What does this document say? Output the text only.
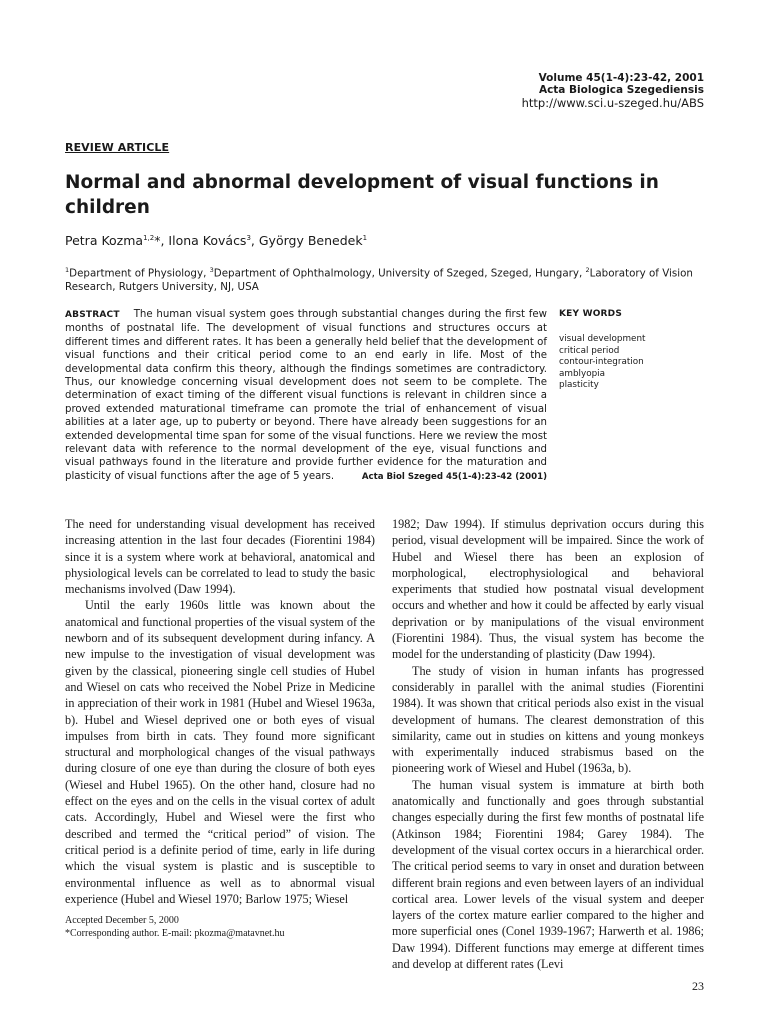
Volume 45(1-4):23-42, 2001
Acta Biologica Szegediensis
http://www.sci.u-szeged.hu/ABS
REVIEW ARTICLE
Normal and abnormal development of visual functions in children
Petra Kozma$^{1,2}$*, Ilona Kovács$^3$, György Benedek$^1$
$^1$Department of Physiology, $^3$Department of Ophthalmology, University of Szeged, Szeged, Hungary, $^2$Laboratory of Vision Research, Rutgers University, NJ, USA
ABSTRACT The human visual system goes through substantial changes during the first few months of postnatal life. The development of visual functions and structures occurs at different times and different rates. It has been a generally held belief that the development of visual functions and their critical period come to an end early in life. Most of the developmental data confirm this theory, although the findings sometimes are contradictory. Thus, our knowledge concerning visual development does not seem to be complete. The determination of exact timing of the different visual functions is relevant in children since a proved extended maturational timeframe can promote the trial of enhancement of visual abilities at a later age, up to puberty or beyond. There have already been suggestions for an extended developmental time span for some of the visual functions. Here we review the most relevant data with reference to the normal development of the eye, visual functions and visual pathways found in the literature and provide further evidence for the maturation and plasticity of visual functions after the age of 5 years.	Acta Biol Szeged 45(1-4):23-42 (2001)
KEY WORDS
visual development
critical period
contour-integration
amblyopia
plasticity

The need for understanding visual development has received increasing attention in the last four decades (Fiorentini 1984) since it is a system where work at behavioral, anatomical and physiological levels can be correlated to lead to study the basic mechanisms involved (Daw 1994).

Until the early 1960s little was known about the anatomical and functional properties of the visual system of the newborn and of its subsequent development during infancy. A new impulse to the investigation of visual development was given by the classical, pioneering single cell studies of Hubel and Wiesel on cats who received the Nobel Prize in Medicine in appreciation of their work in 1981 (Hubel and Wiesel 1963a, b). Hubel and Wiesel deprived one or both eyes of visual impulses from birth in cats. They found more significant structural and morphological changes of the visual pathways during closure of one eye than during the closure of both eyes (Wiesel and Hubel 1965). On the other hand, closure had no effect on the eyes and on the cells in the visual cortex of adult cats. Accordingly, Hubel and Wiesel were the first who described and termed the “critical period” of vision. The critical period is a definite period of time, early in life during which the visual system is plastic and is susceptible to environmental influence as well as to abnormal visual experience (Hubel and Wiesel 1970; Barlow 1975; Wiesel

1982; Daw 1994). If stimulus deprivation occurs during this period, visual development will be impaired. Since the work of Hubel and Wiesel there has been an explosion of morphological, electrophysiological and behavioral experiments that studied how postnatal visual development occurs and whether and how it could be affected by early visual deprivation or by manipulations of the visual environment (Fiorentini 1984). Thus, the visual system has become the model for the understanding of plasticity (Daw 1994).

The study of vision in human infants has progressed considerably in parallel with the animal studies (Fiorentini 1984). It was shown that critical periods also exist in the visual development of humans. The clearest demonstration of this similarity, came out in studies on kittens and young monkeys with experimentally induced strabismus based on the pioneering work of Wiesel and Hubel (1963a, b).

The human visual system is immature at birth both anatomically and functionally and goes through substantial changes especially during the first few months of postnatal life (Atkinson 1984; Fiorentini 1984; Garey 1984). The development of the visual cortex occurs in a hierarchical order. The critical period seems to vary in onset and duration between different brain regions and even between layers of an individual cortical area. Lower levels of the visual system and deeper layers of the cortex mature earlier compared to the higher and more superficial ones (Conel 1939-1967; Harwerth et al. 1986; Daw 1994). Different functions may emerge at different times and develop at different rates (Levi

Accepted December 5, 2000
*Corresponding author. E-mail: pkozma@matavnet.hu
23
